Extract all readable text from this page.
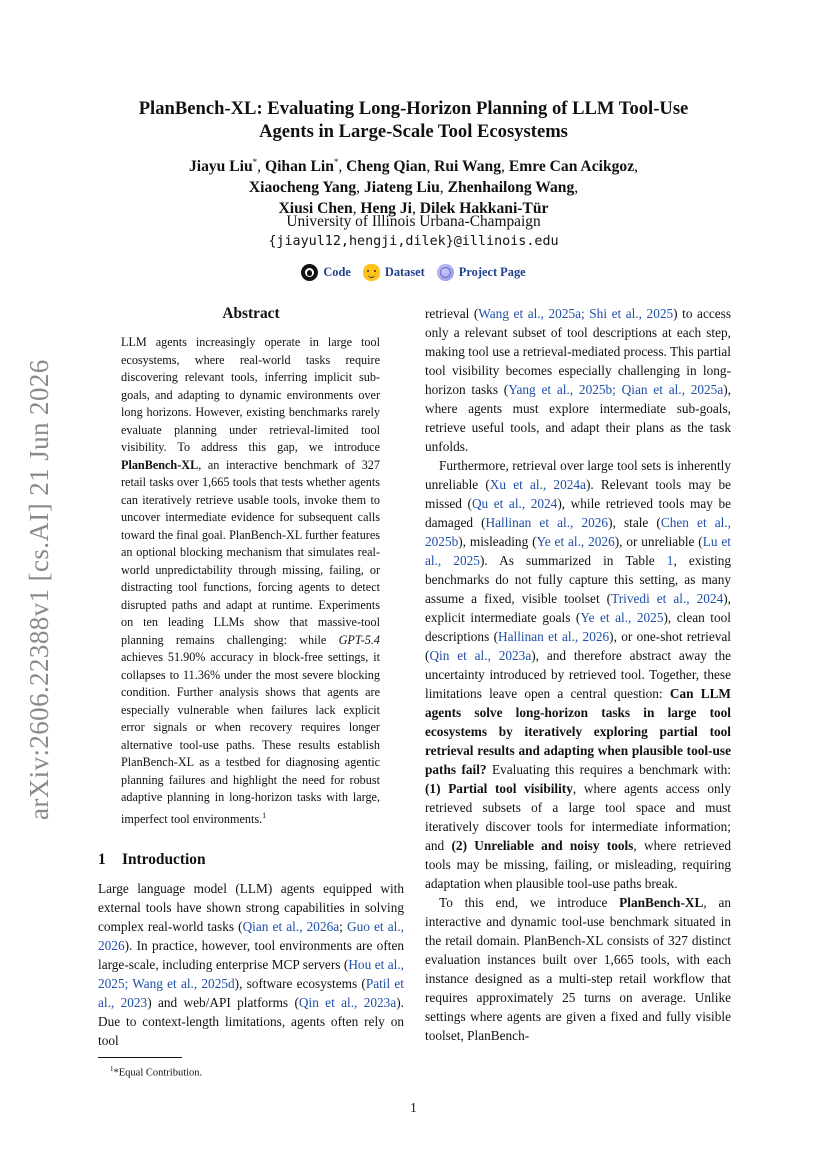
arXiv:2606.22388v1 [cs.AI] 21 Jun 2026
PlanBench-XL: Evaluating Long-Horizon Planning of LLM Tool-Use
Agents in Large-Scale Tool Ecosystems
Jiayu Liu*, Qihan Lin*, Cheng Qian, Rui Wang, Emre Can Acikgoz,
Xiaocheng Yang, Jiateng Liu, Zhenhailong Wang,
Xiusi Chen, Heng Ji, Dilek Hakkani-Tür
University of Illinois Urbana-Champaign
{jiayul12,hengji,dilek}@illinois.edu
Code	Dataset	Project Page
Abstract
LLM agents increasingly operate in large tool ecosystems, where real-world tasks require discovering relevant tools, inferring implicit sub-goals, and adapting to dynamic environments over long horizons. However, existing benchmarks rarely evaluate planning under retrieval-limited tool visibility. To address this gap, we introduce PlanBench-XL, an interactive benchmark of 327 retail tasks over 1,665 tools that tests whether agents can iteratively retrieve usable tools, invoke them to uncover intermediate evidence for subsequent calls toward the final goal. PlanBench-XL further features an optional blocking mechanism that simulates real-world unpredictability through missing, failing, or distracting tool functions, forcing agents to detect disrupted paths and adapt at runtime. Experiments on ten leading LLMs show that massive-tool planning remains challenging: while GPT-5.4 achieves 51.90% accuracy in block-free settings, it collapses to 11.36% under the most severe blocking condition. Further analysis shows that agents are especially vulnerable when failures lack explicit error signals or when recovery requires longer alternative tool-use paths. These results establish PlanBench-XL as a testbed for diagnosing agentic planning failures and highlight the need for robust adaptive planning in long-horizon tasks with large, imperfect tool environments.$^1$
1 Introduction
Large language model (LLM) agents equipped with external tools have shown strong capabilities in solving complex real-world tasks (Qian et al., 2026a; Guo et al., 2026). In practice, however, tool environments are often large-scale, including enterprise MCP servers (Hou et al., 2025; Wang et al., 2025d), software ecosystems (Patil et al., 2023) and web/API platforms (Qin et al., 2023a). Due to context-length limitations, agents often rely on tool
$^1$*Equal Contribution.

retrieval (Wang et al., 2025a; Shi et al., 2025) to access only a relevant subset of tool descriptions at each step, making tool use a retrieval-mediated process. This partial tool visibility becomes especially challenging in long-horizon tasks (Yang et al., 2025b; Qian et al., 2025a), where agents must explore intermediate sub-goals, retrieve useful tools, and adapt their plans as the task unfolds.

Furthermore, retrieval over large tool sets is inherently unreliable (Xu et al., 2024a). Relevant tools may be missed (Qu et al., 2024), while retrieved tools may be damaged (Hallinan et al., 2026), stale (Chen et al., 2025b), misleading (Ye et al., 2026), or unreliable (Lu et al., 2025). As summarized in Table 1, existing benchmarks do not fully capture this setting, as many assume a fixed, visible toolset (Trivedi et al., 2024), explicit intermediate goals (Ye et al., 2025), clean tool descriptions (Hallinan et al., 2026), or one-shot retrieval (Qin et al., 2023a), and therefore abstract away the uncertainty introduced by retrieved tool. Together, these limitations leave open a central question: Can LLM agents solve long-horizon tasks in large tool ecosystems by iteratively exploring partial tool retrieval results and adapting when plausible tool-use paths fail? Evaluating this requires a benchmark with: (1) Partial tool visibility, where agents access only retrieved subsets of a large tool space and must iteratively discover tools for intermediate information; and (2) Unreliable and noisy tools, where retrieved tools may be missing, failing, or misleading, requiring adaptation when plausible tool-use paths break.

To this end, we introduce PlanBench-XL, an interactive and dynamic tool-use benchmark situated in the retail domain. PlanBench-XL consists of 327 distinct evaluation instances built over 1,665 tools, with each instance designed as a multi-step retail workflow that requires approximately 25 turns on average. Unlike settings where agents are given a fixed and fully visible toolset, PlanBench-

1
